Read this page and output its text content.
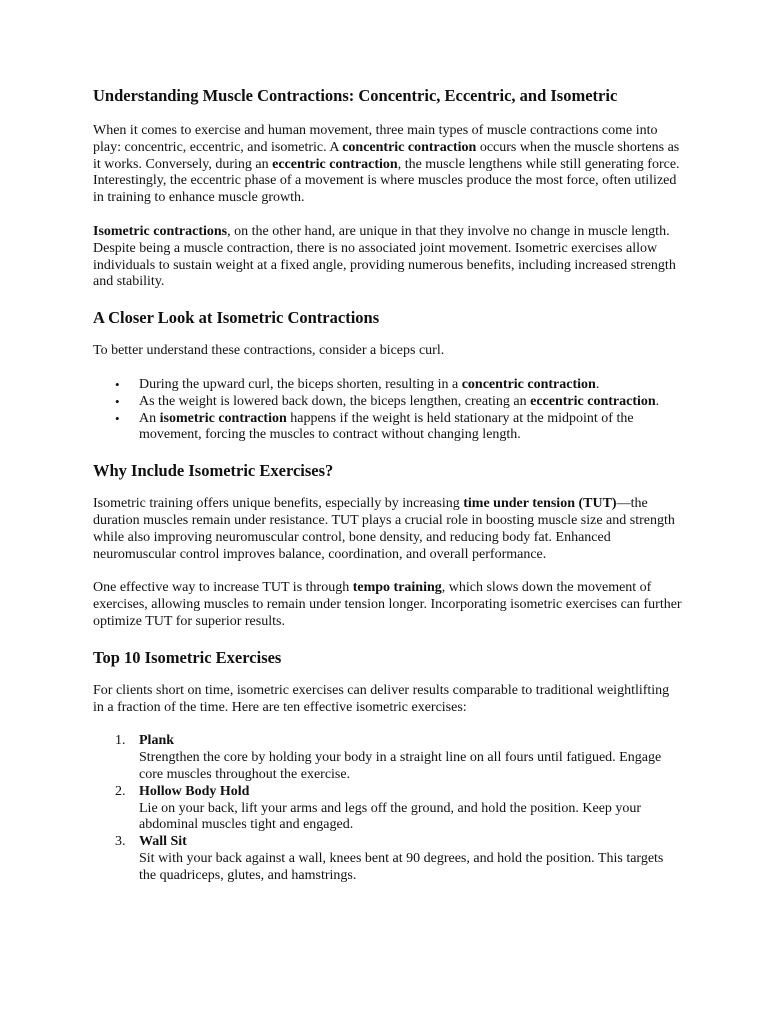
Understanding Muscle Contractions: Concentric, Eccentric, and Isometric

When it comes to exercise and human movement, three main types of muscle contractions come into play: concentric, eccentric, and isometric. A concentric contraction occurs when the muscle shortens as it works. Conversely, during an eccentric contraction, the muscle lengthens while still generating force. Interestingly, the eccentric phase of a movement is where muscles produce the most force, often utilized in training to enhance muscle growth.

Isometric contractions, on the other hand, are unique in that they involve no change in muscle length. Despite being a muscle contraction, there is no associated joint movement. Isometric exercises allow individuals to sustain weight at a fixed angle, providing numerous benefits, including increased strength and stability.

A Closer Look at Isometric Contractions

To better understand these contractions, consider a biceps curl.

• During the upward curl, the biceps shorten, resulting in a concentric contraction.
• As the weight is lowered back down, the biceps lengthen, creating an eccentric contraction.
• An isometric contraction happens if the weight is held stationary at the midpoint of the movement, forcing the muscles to contract without changing length.
Why Include Isometric Exercises?

Isometric training offers unique benefits, especially by increasing time under tension (TUT)—the duration muscles remain under resistance. TUT plays a crucial role in boosting muscle size and strength while also improving neuromuscular control, bone density, and reducing body fat. Enhanced neuromuscular control improves balance, coordination, and overall performance.

One effective way to increase TUT is through tempo training, which slows down the movement of exercises, allowing muscles to remain under tension longer. Incorporating isometric exercises can further optimize TUT for superior results.

Top 10 Isometric Exercises

For clients short on time, isometric exercises can deliver results comparable to traditional weightlifting in a fraction of the time. Here are ten effective isometric exercises:

1. Plank
Strengthen the core by holding your body in a straight line on all fours until fatigued. Engage core muscles throughout the exercise.
2. Hollow Body Hold
Lie on your back, lift your arms and legs off the ground, and hold the position. Keep your abdominal muscles tight and engaged.
3. Wall Sit
Sit with your back against a wall, knees bent at 90 degrees, and hold the position. This targets the quadriceps, glutes, and hamstrings.
